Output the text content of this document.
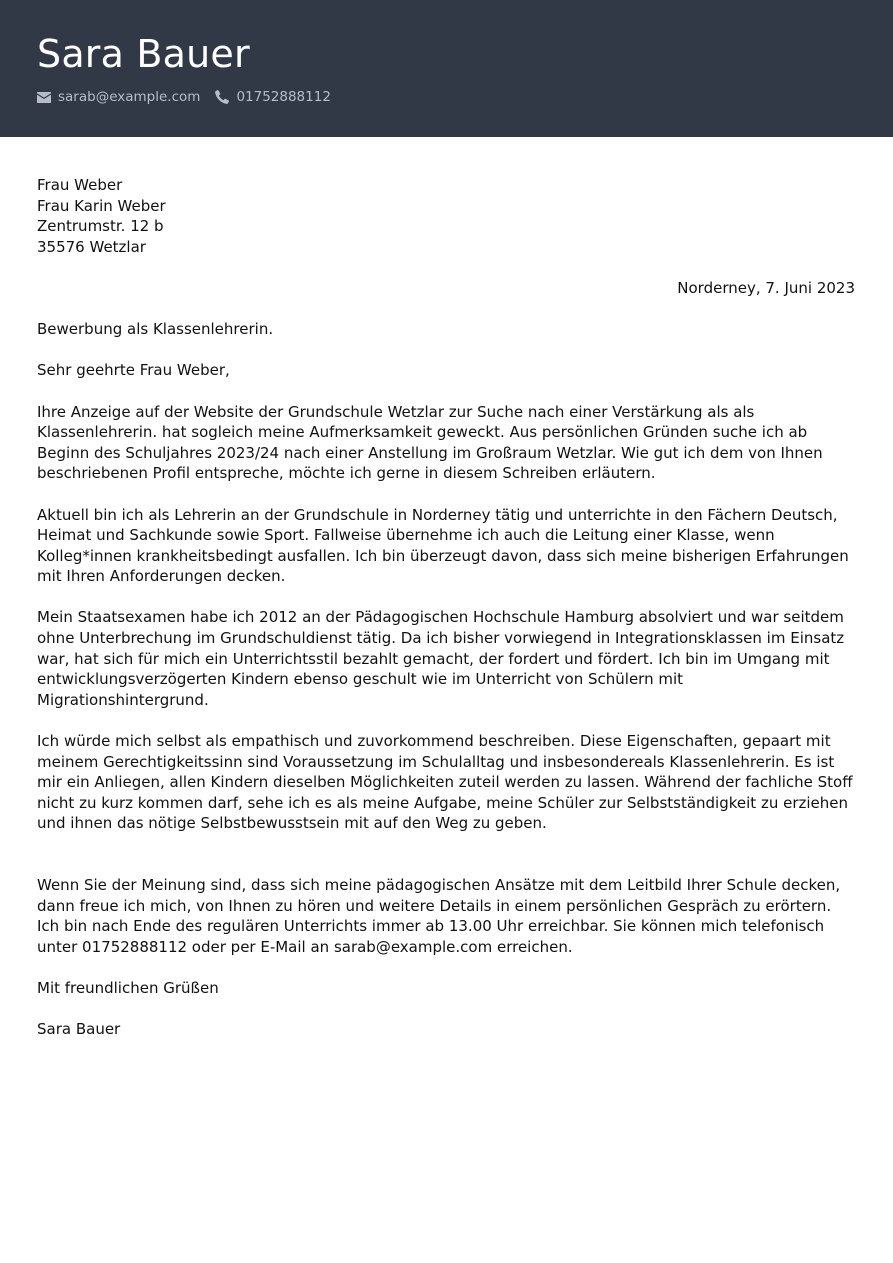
Sara Bauer
sarab@example.com	01752888112

Frau Weber

Frau Karin Weber

Zentrumstr. 12 b

35576 Wetzlar

Norderney, 7. Juni 2023

Bewerbung als Klassenlehrerin.

Sehr geehrte Frau Weber,

Ihre Anzeige auf der Website der Grundschule Wetzlar zur Suche nach einer Verstärkung als als Klassenlehrerin. hat sogleich meine Aufmerksamkeit geweckt. Aus persönlichen Gründen suche ich ab Beginn des Schuljahres 2023/24 nach einer Anstellung im Großraum Wetzlar. Wie gut ich dem von Ihnen beschriebenen Profil entspreche, möchte ich gerne in diesem Schreiben erläutern.

Aktuell bin ich als Lehrerin an der Grundschule in Norderney tätig und unterrichte in den Fächern Deutsch, Heimat und Sachkunde sowie Sport. Fallweise übernehme ich auch die Leitung einer Klasse, wenn Kolleg*innen krankheitsbedingt ausfallen. Ich bin überzeugt davon, dass sich meine bisherigen Erfahrungen mit Ihren Anforderungen decken.

Mein Staatsexamen habe ich 2012 an der Pädagogischen Hochschule Hamburg absolviert und war seitdem ohne Unterbrechung im Grundschuldienst tätig. Da ich bisher vorwiegend in Integrationsklassen im Einsatz war, hat sich für mich ein Unterrichtsstil bezahlt gemacht, der fordert und fördert. Ich bin im Umgang mit entwicklungsverzögerten Kindern ebenso geschult wie im Unterricht von Schülern mit Migrationshintergrund.

Ich würde mich selbst als empathisch und zuvorkommend beschreiben. Diese Eigenschaften, gepaart mit meinem Gerechtigkeitssinn sind Voraussetzung im Schulalltag und insbesondereals Klassenlehrerin. Es ist mir ein Anliegen, allen Kindern dieselben Möglichkeiten zuteil werden zu lassen. Während der fachliche Stoff nicht zu kurz kommen darf, sehe ich es als meine Aufgabe, meine Schüler zur Selbstständigkeit zu erziehen und ihnen das nötige Selbstbewusstsein mit auf den Weg zu geben.

Wenn Sie der Meinung sind, dass sich meine pädagogischen Ansätze mit dem Leitbild Ihrer Schule decken, dann freue ich mich, von Ihnen zu hören und weitere Details in einem persönlichen Gespräch zu erörtern. Ich bin nach Ende des regulären Unterrichts immer ab 13.00 Uhr erreichbar. Sie können mich telefonisch unter 01752888112 oder per E-Mail an sarab@example.com erreichen.

Mit freundlichen Grüßen

Sara Bauer
